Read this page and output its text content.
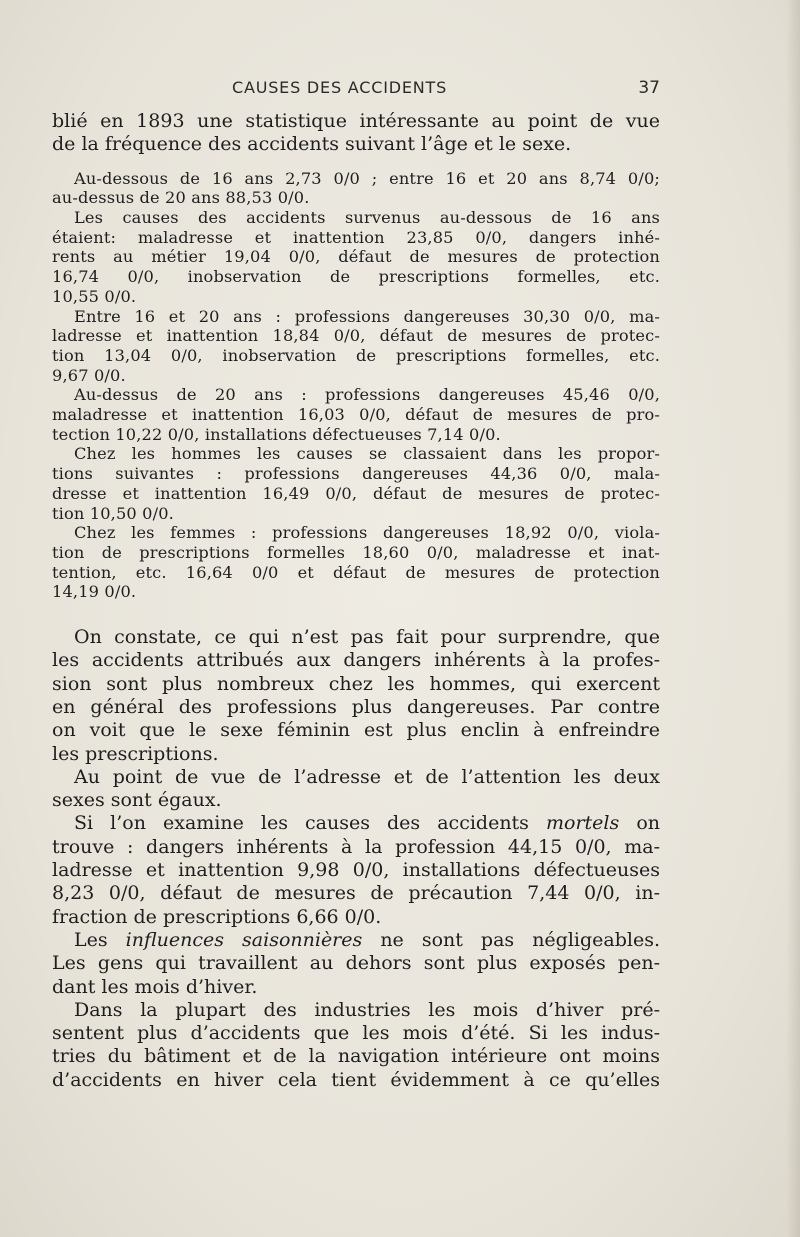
CAUSES DES ACCIDENTS	37
blié en 1893 une statistique intéressante au point de vue
de la fréquence des accidents suivant l’âge et le sexe.
Au-dessous de 16 ans 2,73 0/0 ; entre 16 et 20 ans 8,74 0/0;
au-dessus de 20 ans 88,53 0/0.
Les causes des accidents survenus au-dessous de 16 ans
étaient: maladresse et inattention 23,85 0/0, dangers inhé-
rents au métier 19,04 0/0, défaut de mesures de protection
16,74 0/0, inobservation de prescriptions formelles, etc.
10,55 0/0.
Entre 16 et 20 ans : professions dangereuses 30,30 0/0, ma-
ladresse et inattention 18,84 0/0, défaut de mesures de protec-
tion 13,04 0/0, inobservation de prescriptions formelles, etc.
9,67 0/0.
Au-dessus de 20 ans : professions dangereuses 45,46 0/0,
maladresse et inattention 16,03 0/0, défaut de mesures de pro-
tection 10,22 0/0, installations défectueuses 7,14 0/0.
Chez les hommes les causes se classaient dans les propor-
tions suivantes : professions dangereuses 44,36 0/0, mala-
dresse et inattention 16,49 0/0, défaut de mesures de protec-
tion 10,50 0/0.
Chez les femmes : professions dangereuses 18,92 0/0, viola-
tion de prescriptions formelles 18,60 0/0, maladresse et inat-
tention, etc. 16,64 0/0 et défaut de mesures de protection
14,19 0/0.
On constate, ce qui n’est pas fait pour surprendre, que
les accidents attribués aux dangers inhérents à la profes-
sion sont plus nombreux chez les hommes, qui exercent
en général des professions plus dangereuses. Par contre
on voit que le sexe féminin est plus enclin à enfreindre
les prescriptions.
Au point de vue de l’adresse et de l’attention les deux
sexes sont égaux.
Si l’on examine les causes des accidents mortels on
trouve : dangers inhérents à la profession 44,15 0/0, ma-
ladresse et inattention 9,98 0/0, installations défectueuses
8,23 0/0, défaut de mesures de précaution 7,44 0/0, in-
fraction de prescriptions 6,66 0/0.
Les influences saisonnières ne sont pas négligeables.
Les gens qui travaillent au dehors sont plus exposés pen-
dant les mois d’hiver.
Dans la plupart des industries les mois d’hiver pré-
sentent plus d’accidents que les mois d’été. Si les indus-
tries du bâtiment et de la navigation intérieure ont moins
d’accidents en hiver cela tient évidemment à ce qu’elles
